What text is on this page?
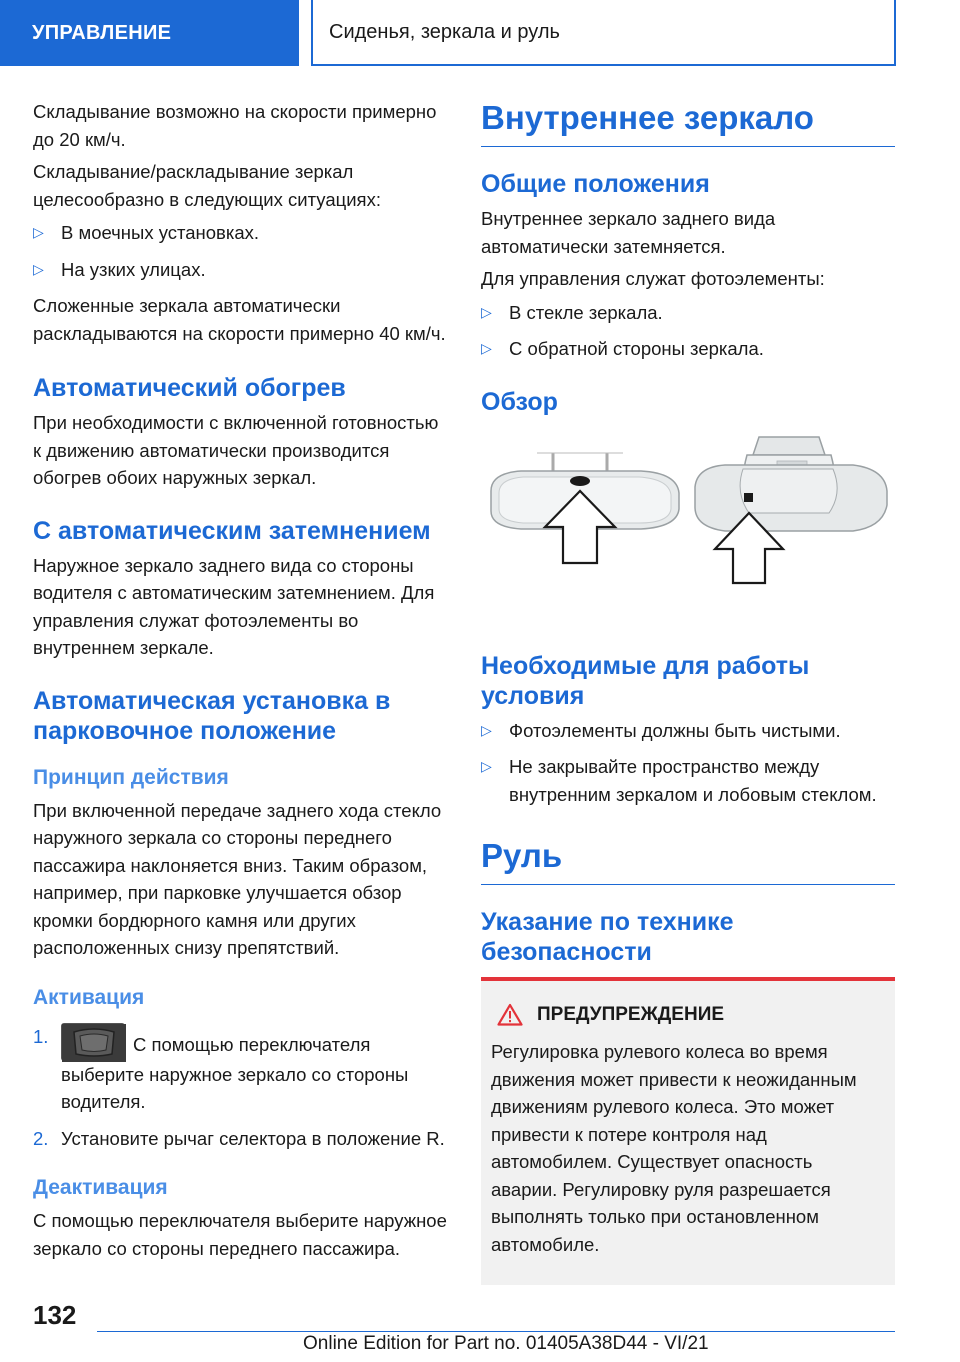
УПРАВЛЕНИЕ	Сиденья, зеркала и руль

Складывание возможно на скорости примерно до 20 км/ч.

Складывание/раскладывание зеркал целесообразно в следующих ситуациях:

▷ В моечных установках.
▷ На узких улицах.

Сложенные зеркала автоматически раскладываются на скорости примерно 40 км/ч.

Автоматический обогрев

При необходимости с включенной готовностью к движению автоматически производится обогрев обоих наружных зеркал.

С автоматическим затемнением

Наружное зеркало заднего вида со стороны водителя с автоматическим затемнением. Для управления служат фотоэлементы во внутреннем зеркале.

Автоматическая установка в парковочное положение
Принцип действия

При включенной передаче заднего хода стекло наружного зеркала со стороны переднего пассажира наклоняется вниз. Таким образом, например, при парковке улучшается обзор кромки бордюрного камня или других расположенных снизу препятствий.

Активация
1.	С помощью переключателя выберите наружное зеркало со стороны водителя.
2. Установите рычаг селектора в положение R.
Деактивация

С помощью переключателя выберите наружное зеркало со стороны переднего пассажира.

Внутреннее зеркало
Общие положения

Внутреннее зеркало заднего вида автоматически затемняется.

Для управления служат фотоэлементы:

▷ В стекле зеркала.
▷ С обратной стороны зеркала.
Обзор
Необходимые для работы условия
▷ Фотоэлементы должны быть чистыми.
▷ Не закрывайте пространство между внутренним зеркалом и лобовым стеклом.
Руль
Указание по технике безопасности
ПРЕДУПРЕЖДЕНИЕ

Регулировка рулевого колеса во время движения может привести к неожиданным движениям рулевого колеса. Это может привести к потере контроля над автомобилем. Существует опасность аварии. Регулировку руля разрешается выполнять только при остановленном автомобиле.

132
Online Edition for Part no. 01405A38D44 - VI/21
